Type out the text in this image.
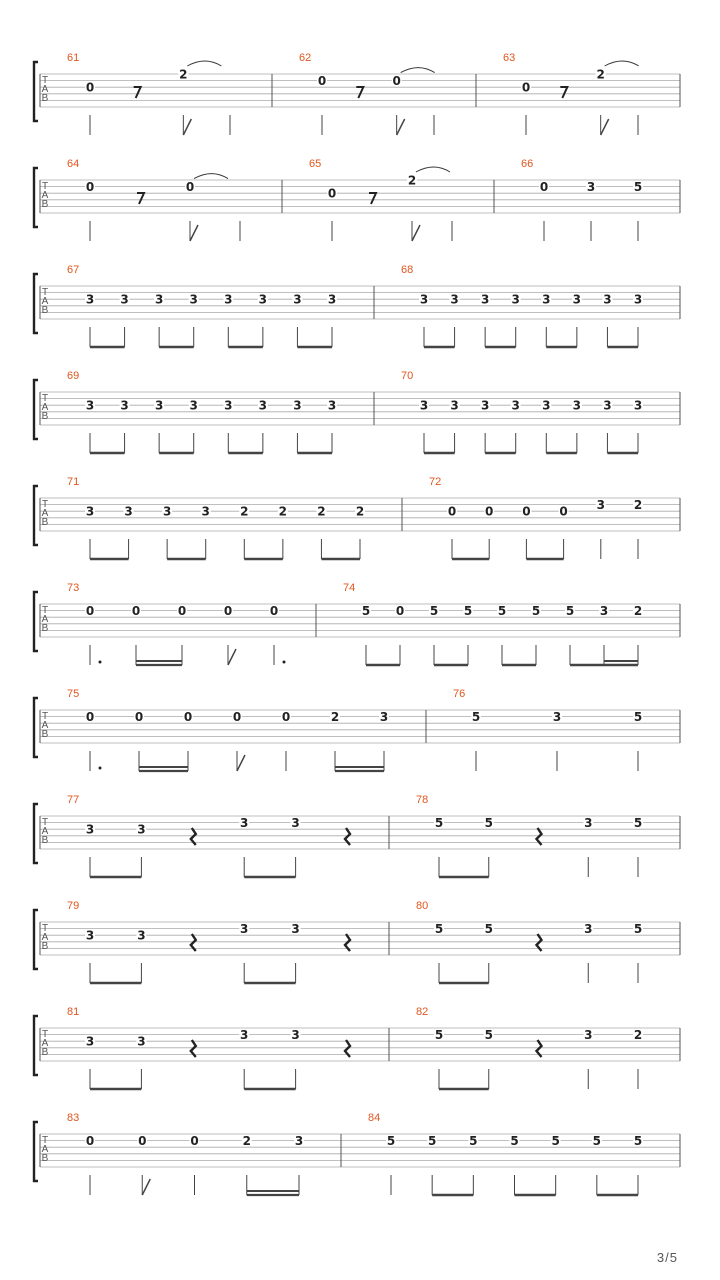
T
A
B
61
0
2
62
0	0
63
0
2
T
A
B
64
0	0
65
0
2
66
0	3	5
T
A
B
67
3 3 3 3 3 3 3 3
68
3 3 3 3 3 3 3 3
T
A
B
69
3 3 3 3 3 3 3 3
70
3 3 3 3 3 3 3 3
T
A
B
71
3	3	3	3	2	2	2	2
72
0 0 0 0 3 2
T
A
B
73
0	0	0	0	0
74
5 0 5 5 5 5 5 3 2
T
A
B
75
0	0	0	0	0	2	3
76
5	3	5
T
A
B
77
3	3	3	3
78
5	5	3	5
T
A
B
79
3	3	3	3
80
5	5	3	5
T
A
B
81
3	3	3	3
82
5	5	3	2
T
A
B
83
0	0	0	2	3
84
5	5	5	5	5	5	5
3/5
